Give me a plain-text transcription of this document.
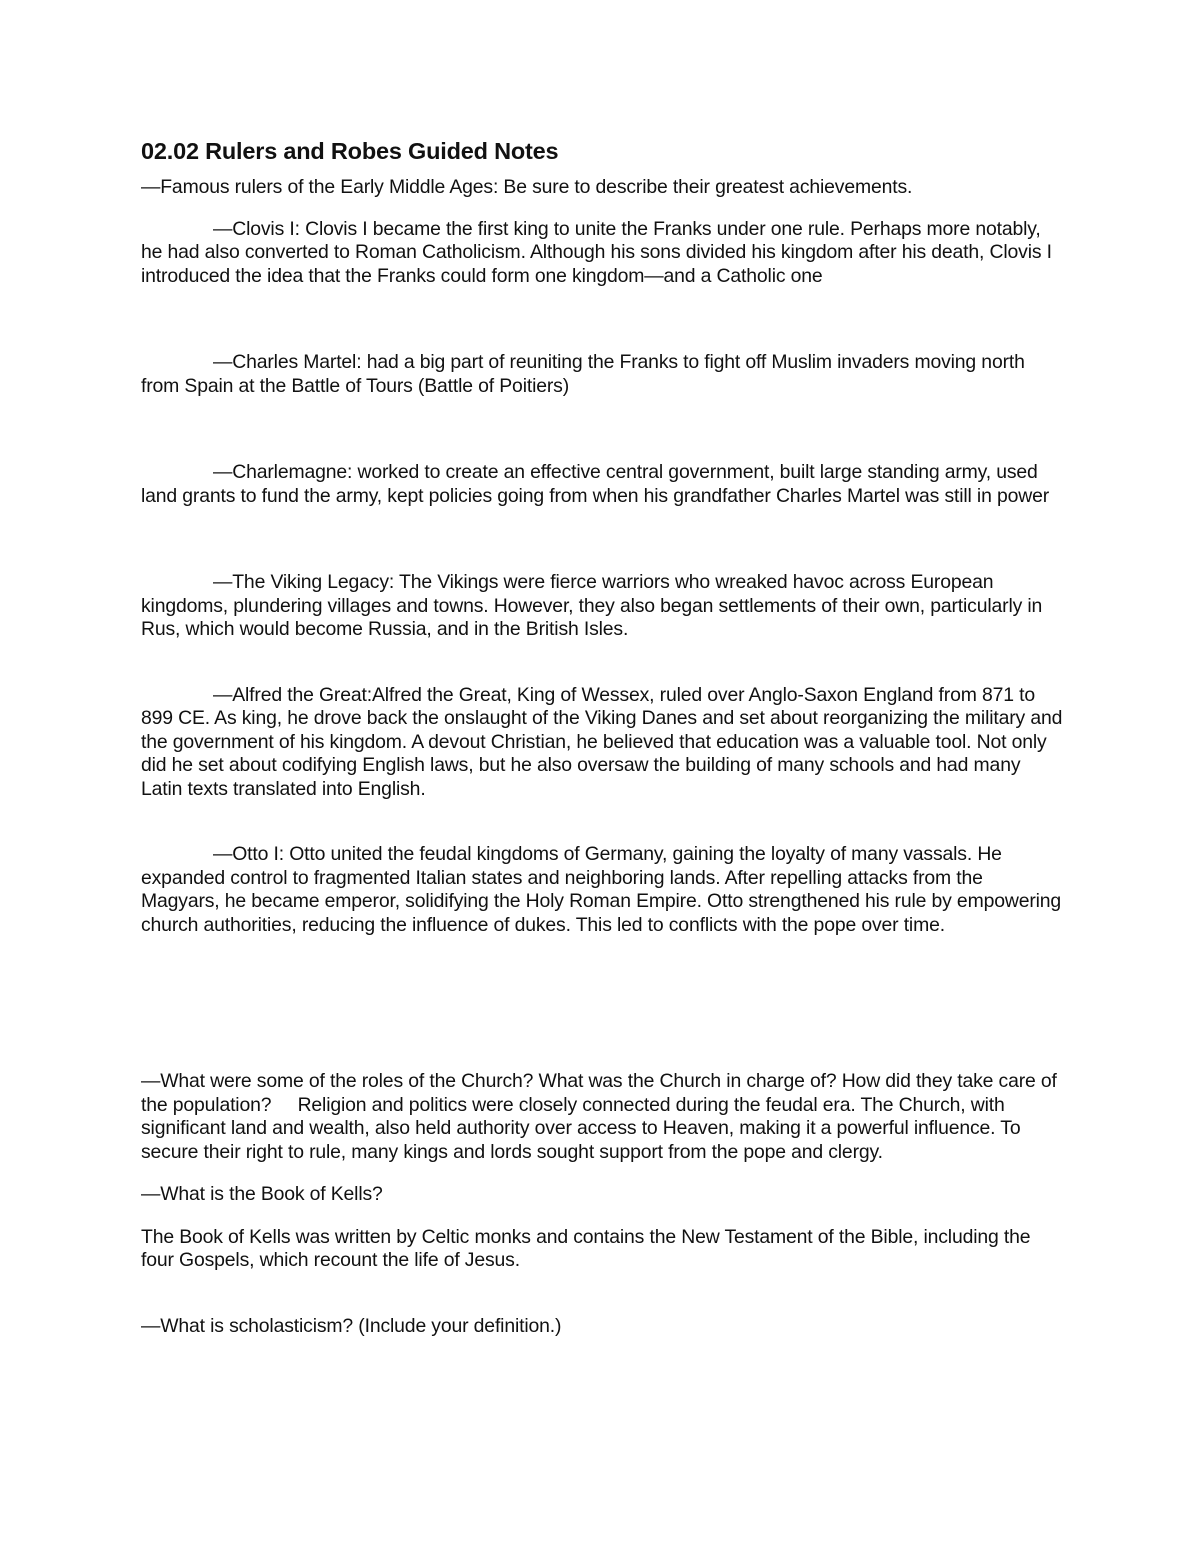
02.02 Rulers and Robes Guided Notes

—Famous rulers of the Early Middle Ages: Be sure to describe their greatest achievements.

—Clovis I: Clovis I became the first king to unite the Franks under one rule. Perhaps more notably, he had also converted to Roman Catholicism. Although his sons divided his kingdom after his death, Clovis I introduced the idea that the Franks could form one kingdom—and a Catholic one

—Charles Martel: had a big part of reuniting the Franks to fight off Muslim invaders moving north from Spain at the Battle of Tours (Battle of Poitiers)

—Charlemagne: worked to create an effective central government, built large standing army, used land grants to fund the army, kept policies going from when his grandfather Charles Martel was still in power

—The Viking Legacy: The Vikings were fierce warriors who wreaked havoc across European kingdoms, plundering villages and towns. However, they also began settlements of their own, particularly in Rus, which would become Russia, and in the British Isles.

—Alfred the Great:Alfred the Great, King of Wessex, ruled over Anglo-Saxon England from 871 to 899 CE. As king, he drove back the onslaught of the Viking Danes and set about reorganizing the military and the government of his kingdom. A devout Christian, he believed that education was a valuable tool. Not only did he set about codifying English laws, but he also oversaw the building of many schools and had many Latin texts translated into English.

—Otto I: Otto united the feudal kingdoms of Germany, gaining the loyalty of many vassals. He expanded control to fragmented Italian states and neighboring lands. After repelling attacks from the Magyars, he became emperor, solidifying the Holy Roman Empire. Otto strengthened his rule by empowering church authorities, reducing the influence of dukes. This led to conflicts with the pope over time.

—What were some of the roles of the Church? What was the Church in charge of? How did they take care of the population? Religion and politics were closely connected during the feudal era. The Church, with significant land and wealth, also held authority over access to Heaven, making it a powerful influence. To secure their right to rule, many kings and lords sought support from the pope and clergy.

—What is the Book of Kells?

The Book of Kells was written by Celtic monks and contains the New Testament of the Bible, including the four Gospels, which recount the life of Jesus.

—What is scholasticism? (Include your definition.)
